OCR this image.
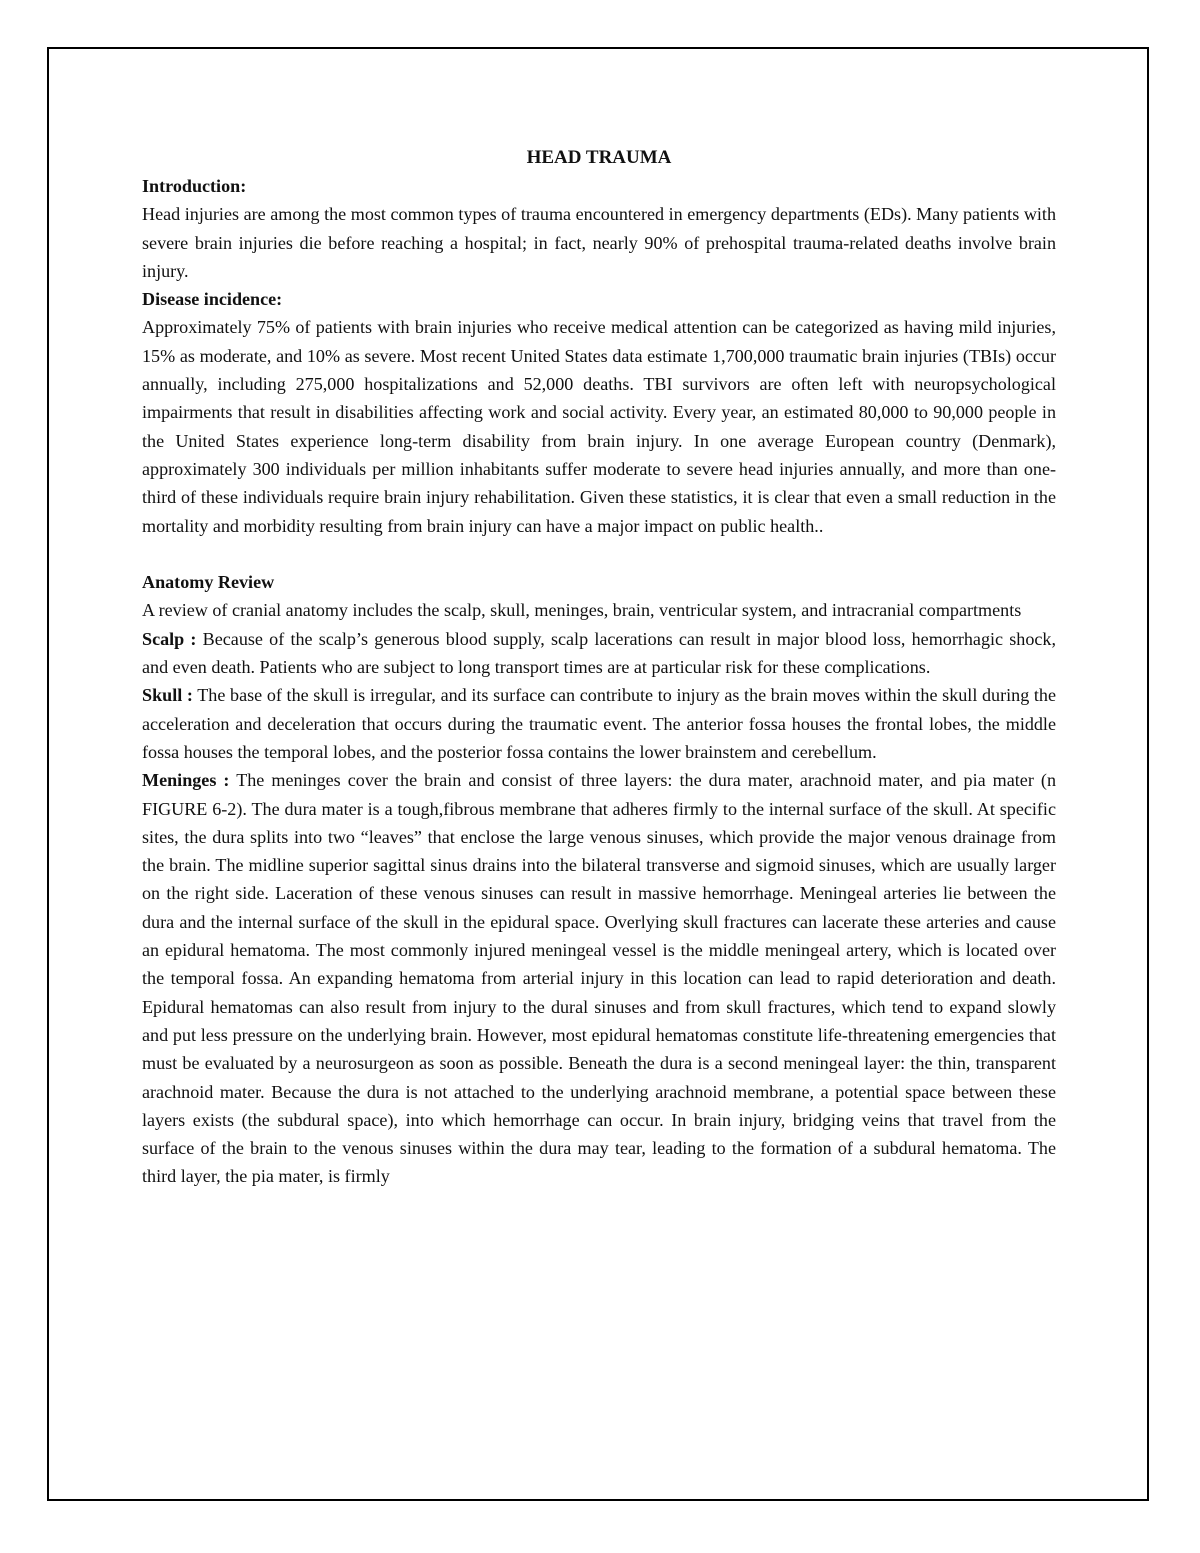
HEAD TRAUMA

Introduction:

Head injuries are among the most common types of trauma encountered in emergency departments (EDs). Many patients with severe brain injuries die before reaching a hospital; in fact, nearly 90% of prehospital trauma-related deaths involve brain injury.

Disease incidence:

Approximately 75% of patients with brain injuries who receive medical attention can be categorized as having mild injuries, 15% as moderate, and 10% as severe. Most recent United States data estimate 1,700,000 traumatic brain injuries (TBIs) occur annually, including 275,000 hospitalizations and 52,000 deaths. TBI survivors are often left with neuropsychological impairments that result in disabilities affecting work and social activity. Every year, an estimated 80,000 to 90,000 people in the United States experience long-term disability from brain injury. In one average European country (Denmark), approximately 300 individuals per million inhabitants suffer moderate to severe head injuries annually, and more than one-third of these individuals require brain injury rehabilitation. Given these statistics, it is clear that even a small reduction in the mortality and morbidity resulting from brain injury can have a major impact on public health..

Anatomy Review

A review of cranial anatomy includes the scalp, skull, meninges, brain, ventricular system, and intracranial compartments

Scalp : Because of the scalp’s generous blood supply, scalp lacerations can result in major blood loss, hemorrhagic shock, and even death. Patients who are subject to long transport times are at particular risk for these complications.

Skull : The base of the skull is irregular, and its surface can contribute to injury as the brain moves within the skull during the acceleration and deceleration that occurs during the traumatic event. The anterior fossa houses the frontal lobes, the middle fossa houses the temporal lobes, and the posterior fossa contains the lower brainstem and cerebellum.

Meninges : The meninges cover the brain and consist of three layers: the dura mater, arachnoid mater, and pia mater (n FIGURE 6-2). The dura mater is a tough,fibrous membrane that adheres firmly to the internal surface of the skull. At specific sites, the dura splits into two “leaves” that enclose the large venous sinuses, which provide the major venous drainage from the brain. The midline superior sagittal sinus drains into the bilateral transverse and sigmoid sinuses, which are usually larger on the right side. Laceration of these venous sinuses can result in massive hemorrhage. Meningeal arteries lie between the dura and the internal surface of the skull in the epidural space. Overlying skull fractures can lacerate these arteries and cause an epidural hematoma. The most commonly injured meningeal vessel is the middle meningeal artery, which is located over the temporal fossa. An expanding hematoma from arterial injury in this location can lead to rapid deterioration and death. Epidural hematomas can also result from injury to the dural sinuses and from skull fractures, which tend to expand slowly and put less pressure on the underlying brain. However, most epidural hematomas constitute life-threatening emergencies that must be evaluated by a neurosurgeon as soon as possible. Beneath the dura is a second meningeal layer: the thin, transparent arachnoid mater. Because the dura is not attached to the underlying arachnoid membrane, a potential space between these layers exists (the subdural space), into which hemorrhage can occur. In brain injury, bridging veins that travel from the surface of the brain to the venous sinuses within the dura may tear, leading to the formation of a subdural hematoma. The third layer, the pia mater, is firmly
